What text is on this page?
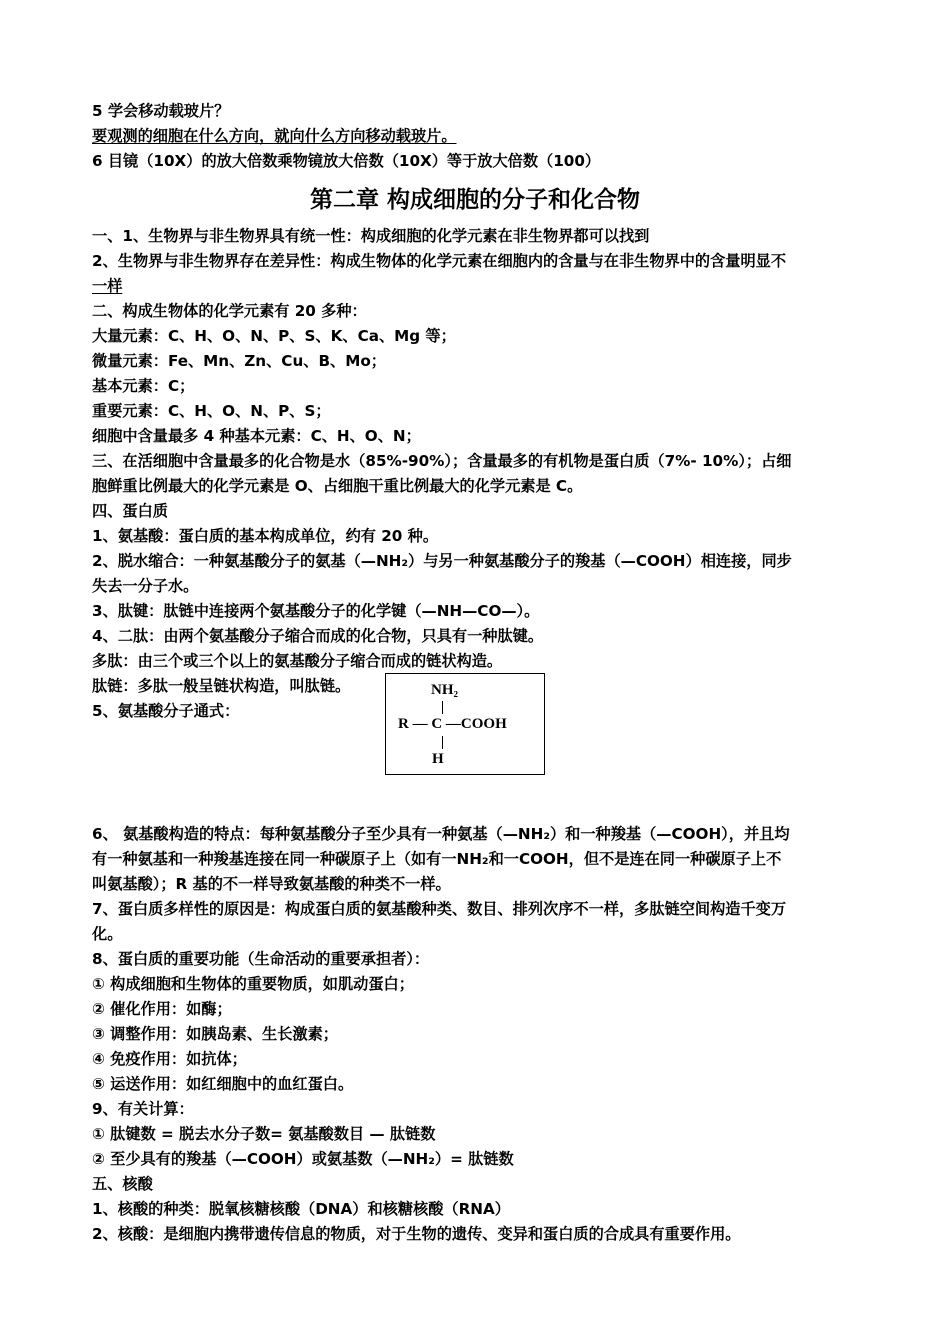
5 学会移动载玻片？
要观测的细胞在什么方向，就向什么方向移动载玻片。
6 目镜（10X）的放大倍数乘物镜放大倍数（10X）等于放大倍数（100）
第二章 构成细胞的分子和化合物
一、1、生物界与非生物界具有统一性：构成细胞的化学元素在非生物界都可以找到
2、生物界与非生物界存在差异性：构成生物体的化学元素在细胞内的含量与在非生物界中的含量明显不
一样
二、构成生物体的化学元素有 20 多种：
大量元素：C、H、O、N、P、S、K、Ca、Mg 等；
微量元素：Fe、Mn、Zn、Cu、B、Mo；
基本元素：C；
重要元素：C、H、O、N、P、S；
细胞中含量最多 4 种基本元素：C、H、O、N；
三、在活细胞中含量最多的化合物是水（85%-90%）；含量最多的有机物是蛋白质（7%- 10%）；占细
胞鲜重比例最大的化学元素是 O、占细胞干重比例最大的化学元素是 C。
四、蛋白质
1、氨基酸：蛋白质的基本构成单位，约有 20 种。
2、脱水缩合：一种氨基酸分子的氨基（—NH₂）与另一种氨基酸分子的羧基（—COOH）相连接，同步
失去一分子水。
3、肽键：肽链中连接两个氨基酸分子的化学键（—NH—CO—）。
4、二肽：由两个氨基酸分子缩合而成的化合物，只具有一种肽键。
多肽：由三个或三个以上的氨基酸分子缩合而成的链状构造。
肽链：多肽一般呈链状构造，叫肽链。
5、氨基酸分子通式：
NH₂
R — C —COOH
H
6、 氨基酸构造的特点：每种氨基酸分子至少具有一种氨基（—NH₂）和一种羧基（—COOH），并且均
有一种氨基和一种羧基连接在同一种碳原子上（如有一NH₂和一COOH，但不是连在同一种碳原子上不
叫氨基酸）；R 基的不一样导致氨基酸的种类不一样。
7、蛋白质多样性的原因是：构成蛋白质的氨基酸种类、数目、排列次序不一样，多肽链空间构造千变万
化。
8、蛋白质的重要功能（生命活动的重要承担者）：
① 构成细胞和生物体的重要物质，如肌动蛋白；
② 催化作用：如酶；
③ 调整作用：如胰岛素、生长激素；
④ 免疫作用：如抗体；
⑤ 运送作用：如红细胞中的血红蛋白。
9、有关计算：
① 肽键数 = 脱去水分子数= 氨基酸数目 — 肽链数
② 至少具有的羧基（—COOH）或氨基数（—NH₂）= 肽链数
五、核酸
1、核酸的种类：脱氧核糖核酸（DNA）和核糖核酸（RNA）
2、核酸：是细胞内携带遗传信息的物质，对于生物的遗传、变异和蛋白质的合成具有重要作用。
